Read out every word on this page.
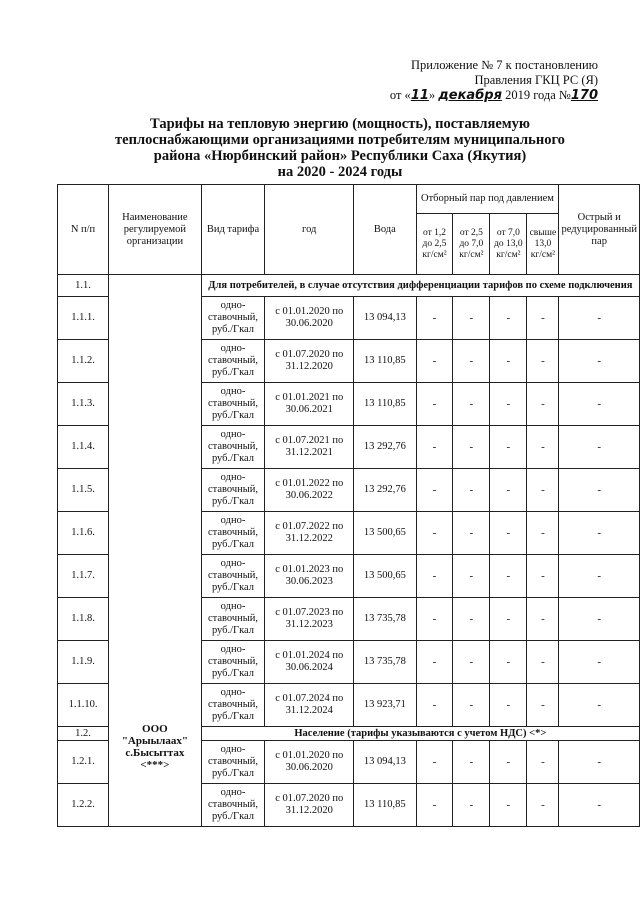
Приложение № 7 к постановлению
Правления ГКЦ РС (Я)
от «11» декабря 2019 года №170
Тарифы на тепловую энергию (мощность), поставляемую
теплоснабжающими организациями потребителям муниципального
района «Нюрбинский район» Республики Саха (Якутия)
на 2020 - 2024 годы
N п/п	Наименование регулируемой организации	Вид тарифа	год	Вода	Отборный пар под давлением				Острый и редуцированный пар
					от 1,2 до 2,5 кг/см²	от 2,5 до 7,0 кг/см²	от 7,0 до 13,0 кг/см²	свыше 13,0 кг/см²	
1.1.	ООО "Арыылаах" с.Бысыттах <***>	Для потребителей, в случае отсутствия дифференциации тарифов по схеме подключения							
1.1.1.		одно-ставочный, руб./Гкал	с 01.01.2020 по 30.06.2020	13 094,13	-	-	-	-	-
1.1.2.		одно-ставочный, руб./Гкал	с 01.07.2020 по 31.12.2020	13 110,85	-	-	-	-	-
1.1.3.		одно-ставочный, руб./Гкал	с 01.01.2021 по 30.06.2021	13 110,85	-	-	-	-	-
1.1.4.		одно-ставочный, руб./Гкал	с 01.07.2021 по 31.12.2021	13 292,76	-	-	-	-	-
1.1.5.		одно-ставочный, руб./Гкал	с 01.01.2022 по 30.06.2022	13 292,76	-	-	-	-	-
1.1.6.		одно-ставочный, руб./Гкал	с 01.07.2022 по 31.12.2022	13 500,65	-	-	-	-	-
1.1.7.		одно-ставочный, руб./Гкал	с 01.01.2023 по 30.06.2023	13 500,65	-	-	-	-	-
1.1.8.		одно-ставочный, руб./Гкал	с 01.07.2023 по 31.12.2023	13 735,78	-	-	-	-	-
1.1.9.		одно-ставочный, руб./Гкал	с 01.01.2024 по 30.06.2024	13 735,78	-	-	-	-	-
1.1.10.		одно-ставочный, руб./Гкал	с 01.07.2024 по 31.12.2024	13 923,71	-	-	-	-	-
1.2.		Население (тарифы указываются с учетом НДС) <*>							
1.2.1.		одно-ставочный, руб./Гкал	с 01.01.2020 по 30.06.2020	13 094,13	-	-	-	-	-
1.2.2.		одно-ставочный, руб./Гкал	с 01.07.2020 по 31.12.2020	13 110,85	-	-	-	-	-
